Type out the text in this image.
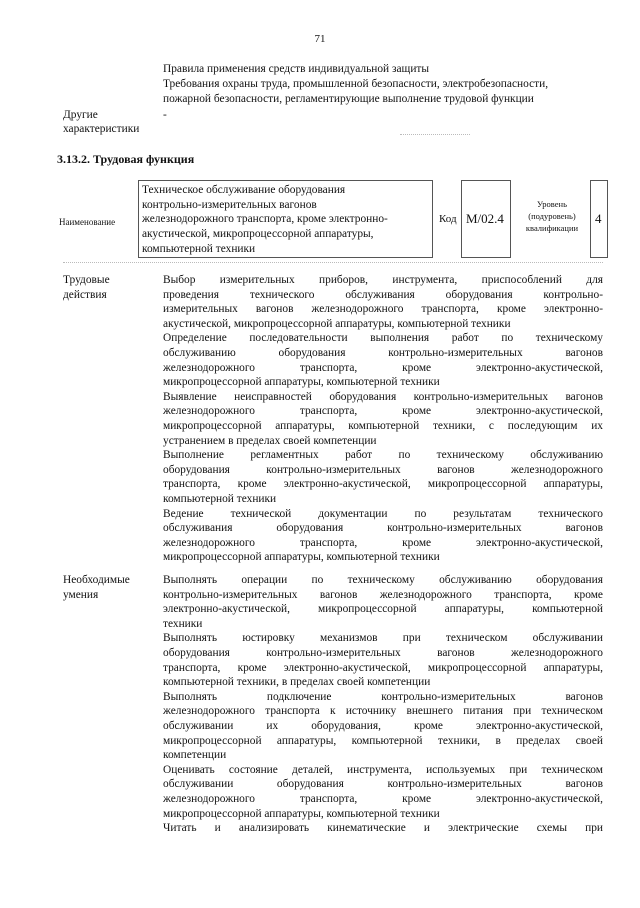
71
Правила применения средств индивидуальной защиты
Требования охраны труда, промышленной безопасности, электробезопасности,
пожарной безопасности, регламентирующие выполнение трудовой функции
Другие
характеристики
-
3.13.2. Трудовая функция
Наименование
Техническое обслуживание оборудования
контрольно-измерительных вагонов
железнодорожного транспорта, кроме электронно-
акустической, микропроцессорной аппаратуры,
компьютерной техники
Код M/02.4
Уровень
(подуровень)
квалификации
4
Трудовые
действия
Выбор измерительных приборов, инструмента, приспособлений для
проведения технического обслуживания оборудования контрольно-
измерительных вагонов железнодорожного транспорта, кроме электронно-
акустической, микропроцессорной аппаратуры, компьютерной техники
Определение последовательности выполнения работ по техническому
обслуживанию оборудования контрольно-измерительных вагонов
железнодорожного транспорта, кроме электронно-акустической,
микропроцессорной аппаратуры, компьютерной техники
Выявление неисправностей оборудования контрольно-измерительных вагонов
железнодорожного транспорта, кроме электронно-акустической,
микропроцессорной аппаратуры, компьютерной техники, с последующим их
устранением в пределах своей компетенции
Выполнение регламентных работ по техническому обслуживанию
оборудования контрольно-измерительных вагонов железнодорожного
транспорта, кроме электронно-акустической, микропроцессорной аппаратуры,
компьютерной техники
Ведение технической документации по результатам технического
обслуживания оборудования контрольно-измерительных вагонов
железнодорожного транспорта, кроме электронно-акустической,
микропроцессорной аппаратуры, компьютерной техники
Необходимые
умения
Выполнять операции по техническому обслуживанию оборудования
контрольно-измерительных вагонов железнодорожного транспорта, кроме
электронно-акустической, микропроцессорной аппаратуры, компьютерной
техники
Выполнять юстировку механизмов при техническом обслуживании
оборудования контрольно-измерительных вагонов железнодорожного
транспорта, кроме электронно-акустической, микропроцессорной аппаратуры,
компьютерной техники, в пределах своей компетенции
Выполнять подключение контрольно-измерительных вагонов
железнодорожного транспорта к источнику внешнего питания при техническом
обслуживании их оборудования, кроме электронно-акустической,
микропроцессорной аппаратуры, компьютерной техники, в пределах своей
компетенции
Оценивать состояние деталей, инструмента, используемых при техническом
обслуживании оборудования контрольно-измерительных вагонов
железнодорожного транспорта, кроме электронно-акустической,
микропроцессорной аппаратуры, компьютерной техники
Читать и анализировать кинематические и электрические схемы при
